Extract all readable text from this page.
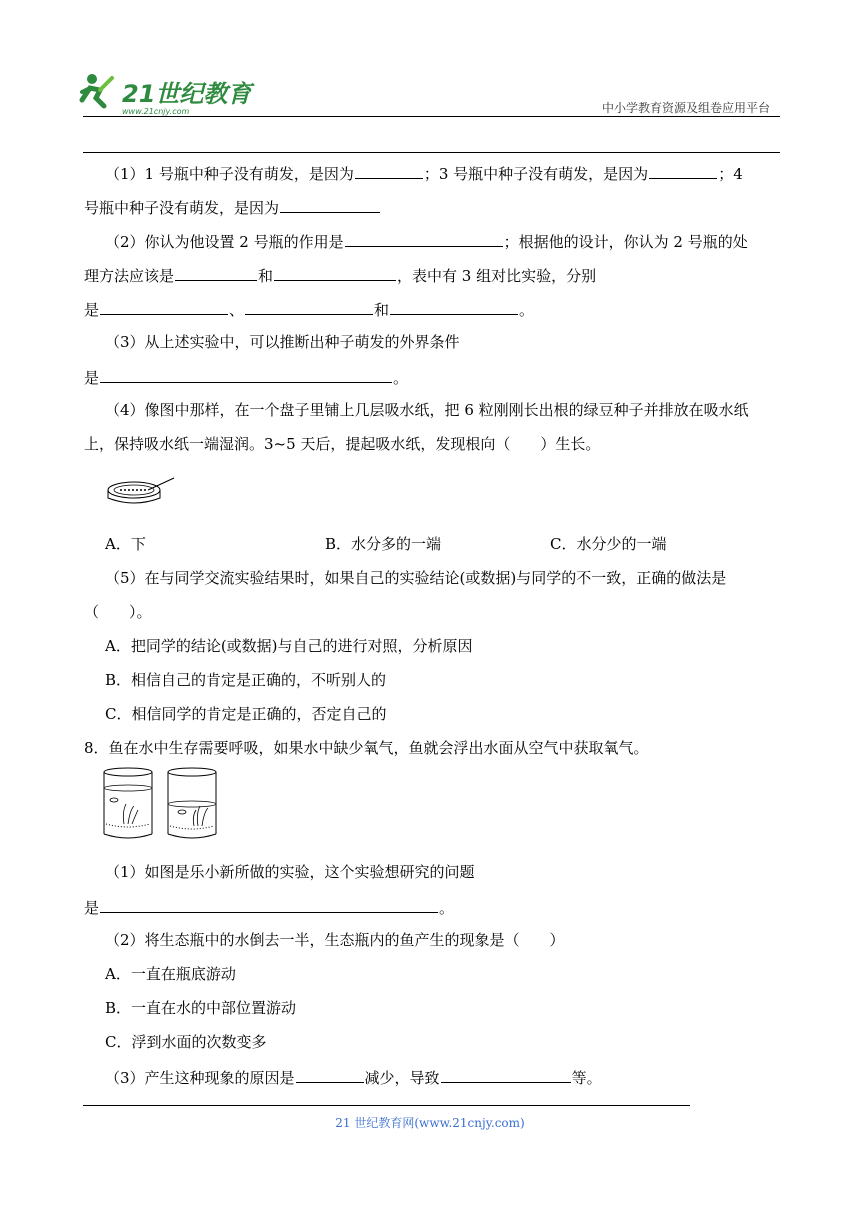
21世纪教育
www.21cnjy.com	中小学教育资源及组卷应用平台
（1）1 号瓶中种子没有萌发，是因为	；3 号瓶中种子没有萌发，是因为	；4
号瓶中种子没有萌发，是因为
（2）你认为他设置 2 号瓶的作用是	；根据他的设计，你认为 2 号瓶的处
理方法应该是	和	，表中有 3 组对比实验，分别
是	、	和	。
（3）从上述实验中，可以推断出种子萌发的外界条件
是	。
（4）像图中那样，在一个盘子里铺上几层吸水纸，把 6 粒刚刚长出根的绿豆种子并排放在吸水纸
上，保持吸水纸一端湿润。3~5 天后，提起吸水纸，发现根向（　　）生长。
A．下	B．水分多的一端	C．水分少的一端
（5）在与同学交流实验结果时，如果自己的实验结论(或数据)与同学的不一致，正确的做法是
（　　）。
A．把同学的结论(或数据)与自己的进行对照，分析原因
B．相信自己的肯定是正确的，不听别人的
C．相信同学的肯定是正确的，否定自己的
8．鱼在水中生存需要呼吸，如果水中缺少氧气，鱼就会浮出水面从空气中获取氧气。
（1）如图是乐小新所做的实验，这个实验想研究的问题
是	。
（2）将生态瓶中的水倒去一半，生态瓶内的鱼产生的现象是（　　）
A．一直在瓶底游动
B．一直在水的中部位置游动
C．浮到水面的次数变多
（3）产生这种现象的原因是	减少，导致	等。
21 世纪教育网(www.21cnjy.com)
